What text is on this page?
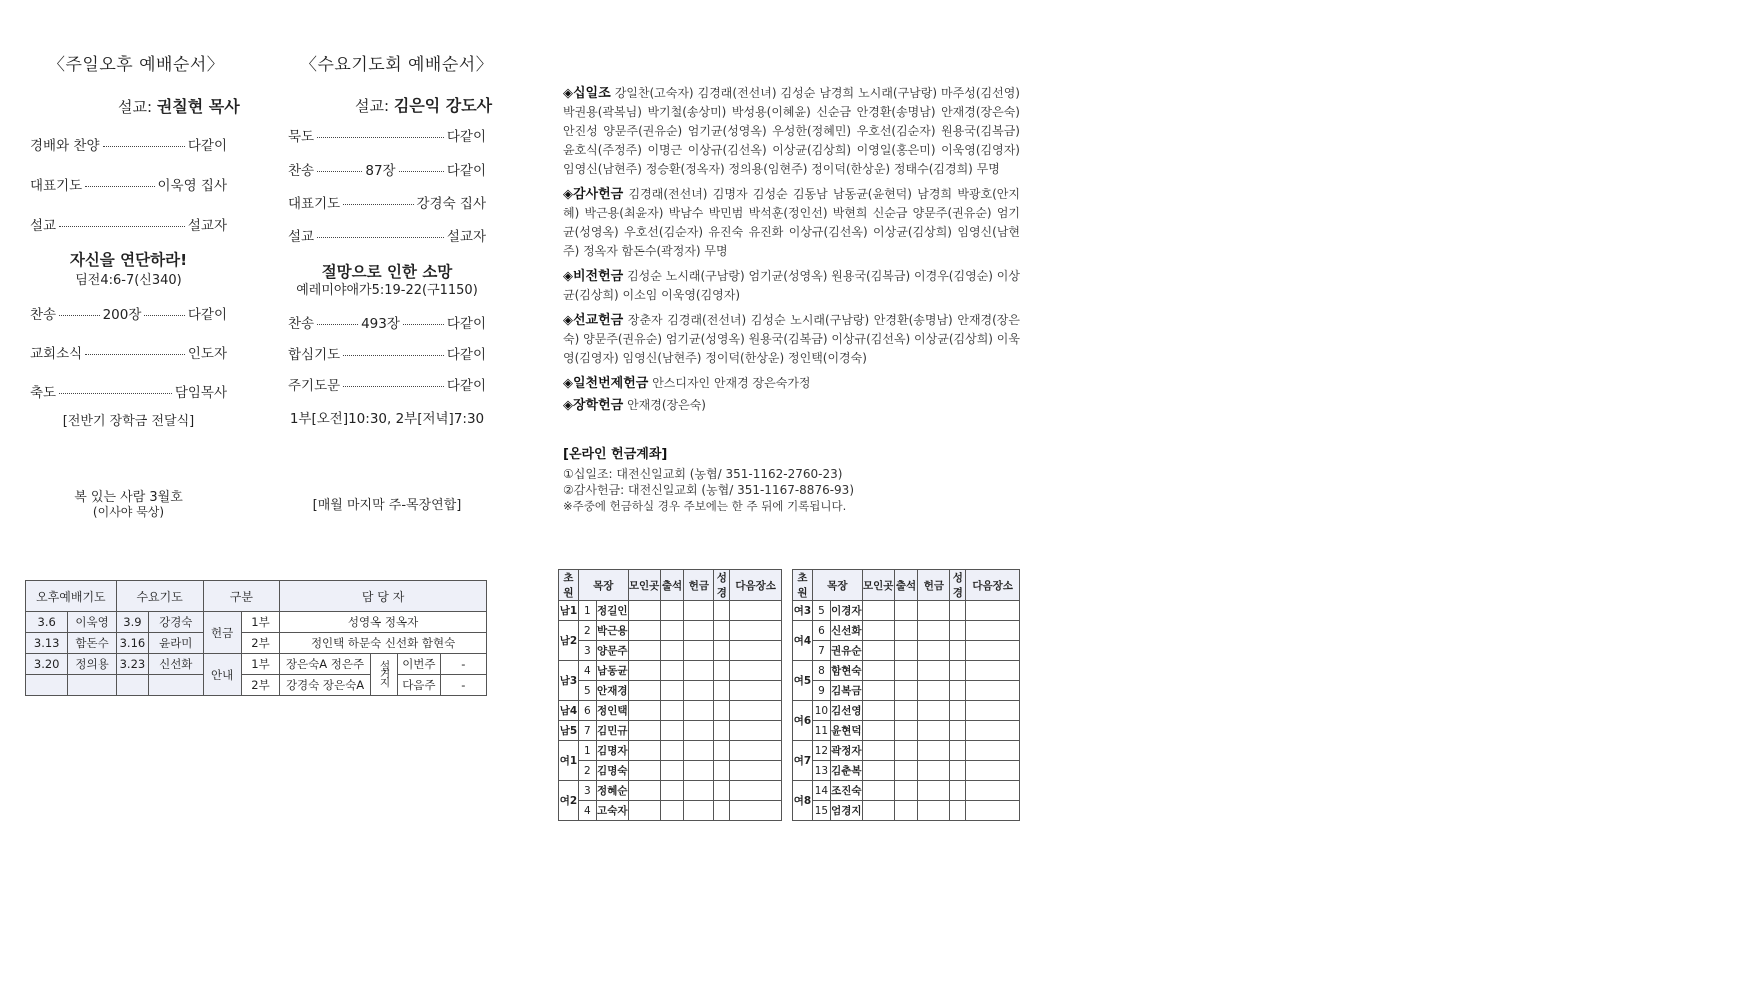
〈주일오후 예배순서〉
설교: 권칠현 목사
경배와 찬양	다같이
대표기도	이욱영 집사
설교	설교자
자신을 연단하라!
딤전4:6-7(신340)
찬송	200장	다같이
교회소식	인도자
축도	담임목사
[전반기 장학금 전달식]
복 있는 사람 3월호
(이사야 묵상)
〈수요기도회 예배순서〉
설교: 김은익 강도사
묵도	다같이
찬송	87장	다같이
대표기도	강경숙 집사
설교	설교자
절망으로 인한 소망
예레미야애가5:19-22(구1150)
찬송	493장	다같이
합심기도	다같이
주기도문	다같이
1부[오전]10:30, 2부[저녁]7:30
[매월 마지막 주-목장연합]
◈십일조 강일찬(고숙자) 김경래(전선녀) 김성순 남경희 노시래(구남랑) 마주성(김선영) 박권용(곽복님) 박기철(송상미) 박성용(이혜윤) 신순금 안경환(송명남) 안재경(장은숙) 안진성 양문주(권유순) 엄기균(성영옥) 우성한(정혜민) 우호선(김순자) 원용국(김복금) 윤호식(주정주) 이명근 이상규(김선옥) 이상균(김상희) 이영일(홍은미) 이욱영(김영자) 임영신(남현주) 정승환(정옥자) 정의용(임현주) 정이덕(한상운) 정태수(김경희) 무명
◈감사헌금 김경래(전선녀) 김명자 김성순 김동남 남동균(윤현덕) 남경희 박광호(안지혜) 박근용(최윤자) 박남수 박민범 박석훈(정인선) 박현희 신순금 양문주(권유순) 엄기균(성영옥) 우호선(김순자) 유진숙 유진화 이상규(김선옥) 이상균(김상희) 임영신(남현주) 정옥자 함돈수(곽정자) 무명
◈비전헌금 김성순 노시래(구남랑) 엄기균(성영옥) 원용국(김복금) 이경우(김영순) 이상균(김상희) 이소임 이욱영(김영자)
◈선교헌금 장춘자 김경래(전선녀) 김성순 노시래(구남랑) 안경환(송명남) 안재경(장은숙) 양문주(권유순) 엄기균(성영옥) 원용국(김복금) 이상규(김선옥) 이상균(김상희) 이욱영(김영자) 임영신(남현주) 정이덕(한상운) 정인택(이경숙)
◈일천번제헌금 안스디자인 안재경 장은숙가정
◈장학헌금 안재경(장은숙)
[온라인 헌금계좌]
①십일조: 대전신일교회 (농협/ 351-1162-2760-23)
②감사헌금: 대전신일교회 (농협/ 351-1167-8876-93)
※주중에 헌금하실 경우 주보에는 한 주 뒤에 기록됩니다.
오후예배기도		수요기도		구분		담 당 자			
3.6	이욱영	3.9	강경숙	헌금	1부	성영옥 정옥자			
3.13	함돈수	3.16	윤라미		2부	정인택 하문숙 신선화 함현숙			
3.20	정의용	3.23	신선화	안내	1부	장은숙A 정은주	설거지	이번주	-
					2부	강경숙 장은숙A		다음주	-
초원	목장		모인곳	출석	헌금	성경	다음장소
남1	1	정길인					
남2	2	박근용					
	3	양문주					
남3	4	남동균					
	5	안재경					
남4	6	정인택					
남5	7	김민규					
여1	1	김명자					
	2	김명숙					
여2	3	정혜순					
	4	고숙자					
초원	목장		모인곳	출석	헌금	성경	다음장소
여3	5	이경자					
여4	6	신선화					
	7	권유순					
여5	8	함현숙					
	9	김복금					
여6	10	김선영					
	11	윤현덕					
여7	12	곽정자					
	13	김춘복					
여8	14	조진숙					
	15	엄경지					
